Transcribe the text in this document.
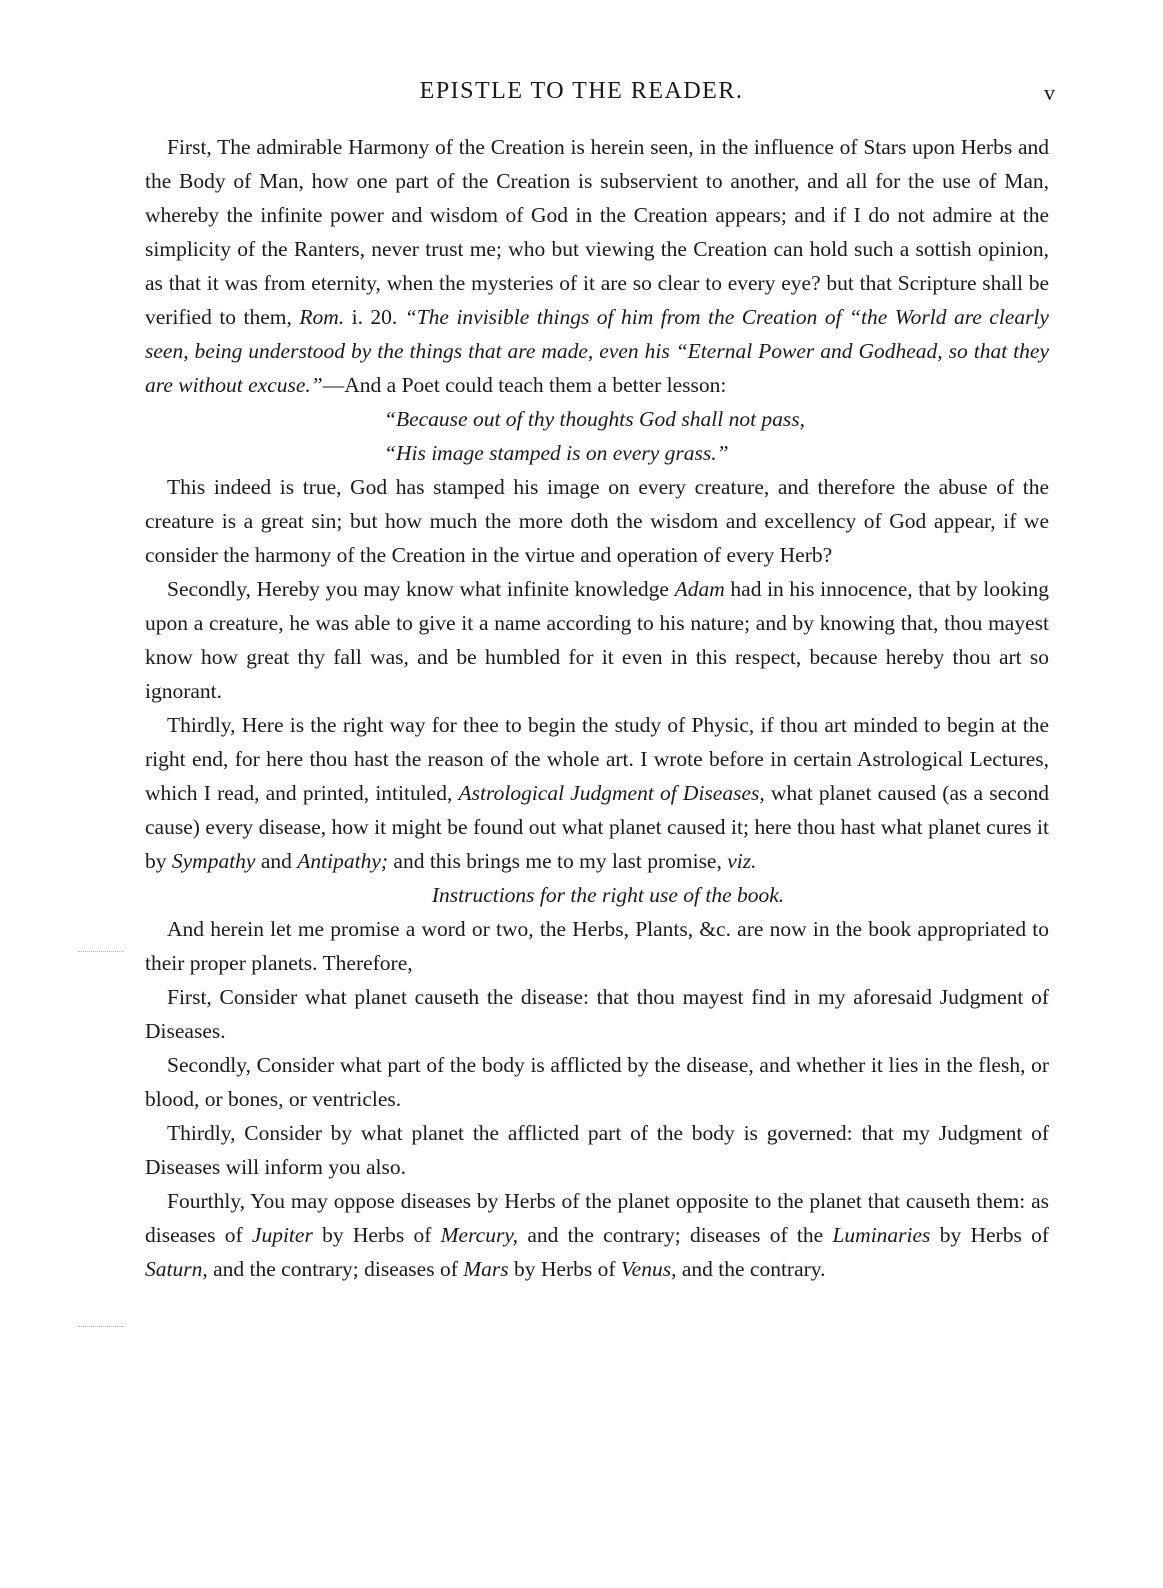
EPISTLE TO THE READER.	v

First, The admirable Harmony of the Creation is herein seen, in the influence of Stars upon Herbs and the Body of Man, how one part of the Creation is subservient to another, and all for the use of Man, whereby the infinite power and wisdom of God in the Creation appears; and if I do not admire at the simplicity of the Ranters, never trust me; who but viewing the Creation can hold such a sottish opinion, as that it was from eternity, when the mysteries of it are so clear to every eye? but that Scripture shall be verified to them, Rom. i. 20. “The invisible things of him from the Creation of “the World are clearly seen, being understood by the things that are made, even his “Eternal Power and Godhead, so that they are without excuse.”—And a Poet could teach them a better lesson:

“Because out of thy thoughts God shall not pass,

“His image stamped is on every grass.”

This indeed is true, God has stamped his image on every creature, and therefore the abuse of the creature is a great sin; but how much the more doth the wisdom and excellency of God appear, if we consider the harmony of the Creation in the virtue and operation of every Herb?

Secondly, Hereby you may know what infinite knowledge Adam had in his innocence, that by looking upon a creature, he was able to give it a name according to his nature; and by knowing that, thou mayest know how great thy fall was, and be humbled for it even in this respect, because hereby thou art so ignorant.

Thirdly, Here is the right way for thee to begin the study of Physic, if thou art minded to begin at the right end, for here thou hast the reason of the whole art. I wrote before in certain Astrological Lectures, which I read, and printed, intituled, Astrological Judgment of Diseases, what planet caused (as a second cause) every disease, how it might be found out what planet caused it; here thou hast what planet cures it by Sympathy and Antipathy; and this brings me to my last promise, viz.

Instructions for the right use of the book.

And herein let me promise a word or two, the Herbs, Plants, &c. are now in the book appropriated to their proper planets. Therefore,

First, Consider what planet causeth the disease: that thou mayest find in my aforesaid Judgment of Diseases.

Secondly, Consider what part of the body is afflicted by the disease, and whether it lies in the flesh, or blood, or bones, or ventricles.

Thirdly, Consider by what planet the afflicted part of the body is governed: that my Judgment of Diseases will inform you also.

Fourthly, You may oppose diseases by Herbs of the planet opposite to the planet that causeth them: as diseases of Jupiter by Herbs of Mercury, and the contrary; diseases of the Luminaries by Herbs of Saturn, and the contrary; diseases of Mars by Herbs of Venus, and the contrary.
